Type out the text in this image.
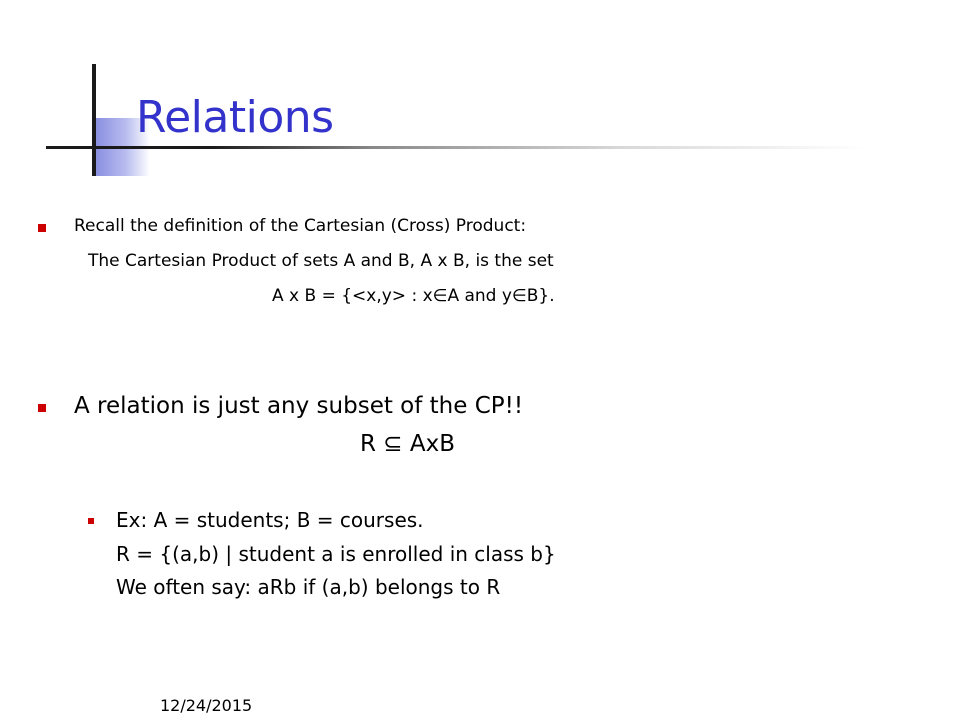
Relations
Recall the definition of the Cartesian (Cross) Product:
The Cartesian Product of sets A and B, A x B, is the set
A x B = {<x,y> : x∈A and y∈B}.
A relation is just any subset of the CP!!
R ⊆ AxB
Ex: A = students; B = courses.
R = {(a,b) | student a is enrolled in class b}
We often say: aRb if (a,b) belongs to R
12/24/2015
